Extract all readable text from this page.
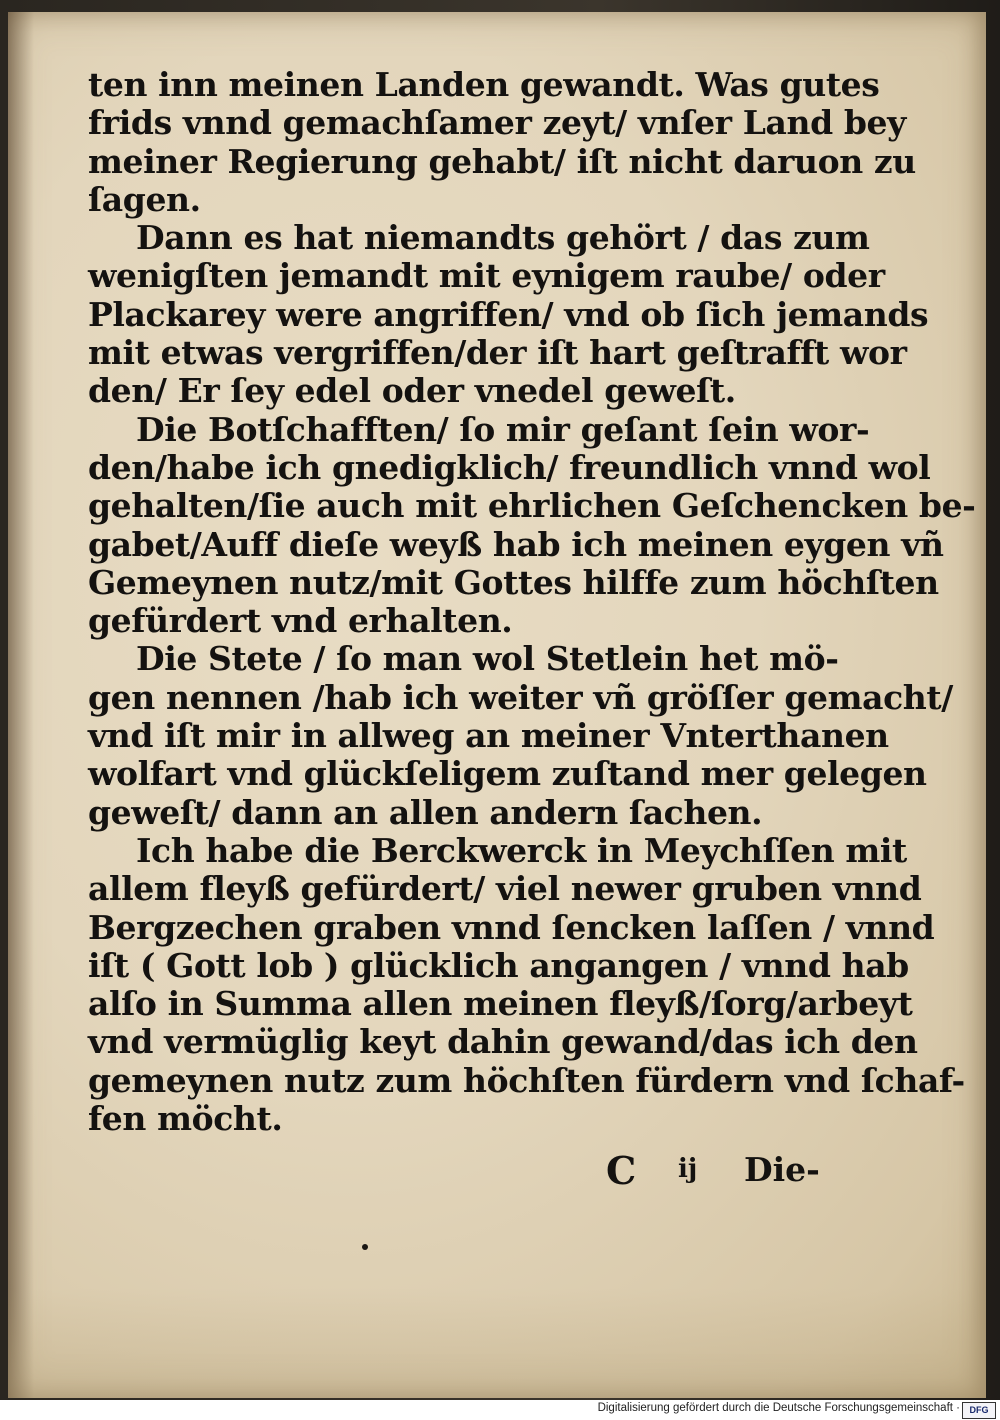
ten inn meinen Landen gewandt. Was gutes
frids vnnd gemachſamer zeyt/ vnſer Land bey
meiner Regierung gehabt/ iſt nicht daruon zu
ſagen.
Dann es hat niemandts gehört / das zum
wenigſten jemandt mit eynigem raube/ oder
Plackarey were angriffen/ vnd ob ſich jemands
mit etwas vergriffen/der iſt hart geſtrafft wor
den/ Er ſey edel oder vnedel geweſt.
Die Botſchafften/ ſo mir geſant ſein wor-
den/habe ich gnedigklich/ freundlich vnnd wol
gehalten/ſie auch mit ehrlichen Geſchencken be-
gabet/Auff dieſe weyß hab ich meinen eygen vñ
Gemeynen nutz/mit Gottes hilffe zum höchſten
gefürdert vnd erhalten.
Die Stete / ſo man wol Stetlein het mö-
gen nennen /hab ich weiter vñ gröſſer gemacht/
vnd iſt mir in allweg an meiner Vnterthanen
wolfart vnd glückſeligem zuſtand mer gelegen
geweſt/ dann an allen andern ſachen.
Ich habe die Berckwerck in Meychſſen mit
allem fleyß gefürdert/ viel newer gruben vnnd
Bergzechen graben vnnd ſencken laſſen / vnnd
iſt ( Gott lob ) glücklich angangen / vnnd hab
alſo in Summa allen meinen fleyß/ſorg/arbeyt
vnd vermüglig keyt dahin gewand/das ich den
gemeynen nutz zum höchſten fürdern vnd ſchaf-
fen möcht.
C ij Die-
Digitalisierung gefördert durch die Deutsche Forschungsgemeinschaft ·	DFG
